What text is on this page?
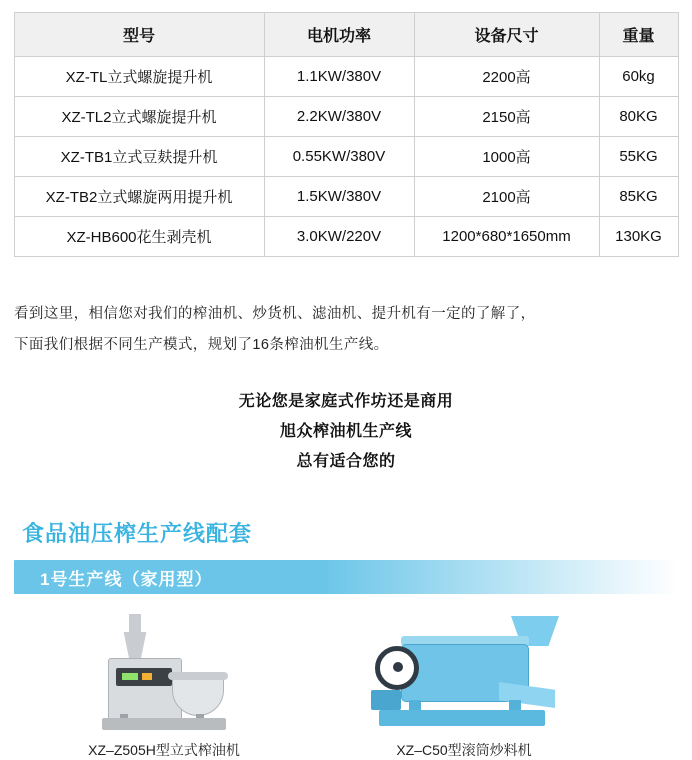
型号	电机功率	设备尺寸	重量
XZ-TL立式螺旋提升机	1.1KW/380V	2200高	60kg
XZ-TL2立式螺旋提升机	2.2KW/380V	2150高	80KG
XZ-TB1立式豆麸提升机	0.55KW/380V	1000高	55KG
XZ-TB2立式螺旋两用提升机	1.5KW/380V	2100高	85KG
XZ-HB600花生剥壳机	3.0KW/220V	1200*680*1650mm	130KG
看到这里，相信您对我们的榨油机、炒货机、滤油机、提升机有一定的了解了，
下面我们根据不同生产模式，规划了16条榨油机生产线。
无论您是家庭式作坊还是商用
旭众榨油机生产线
总有适合您的
食品油压榨生产线配套
1号生产线（家用型）
XZ–Z505H型立式榨油机	XZ–C50型滚筒炒料机
